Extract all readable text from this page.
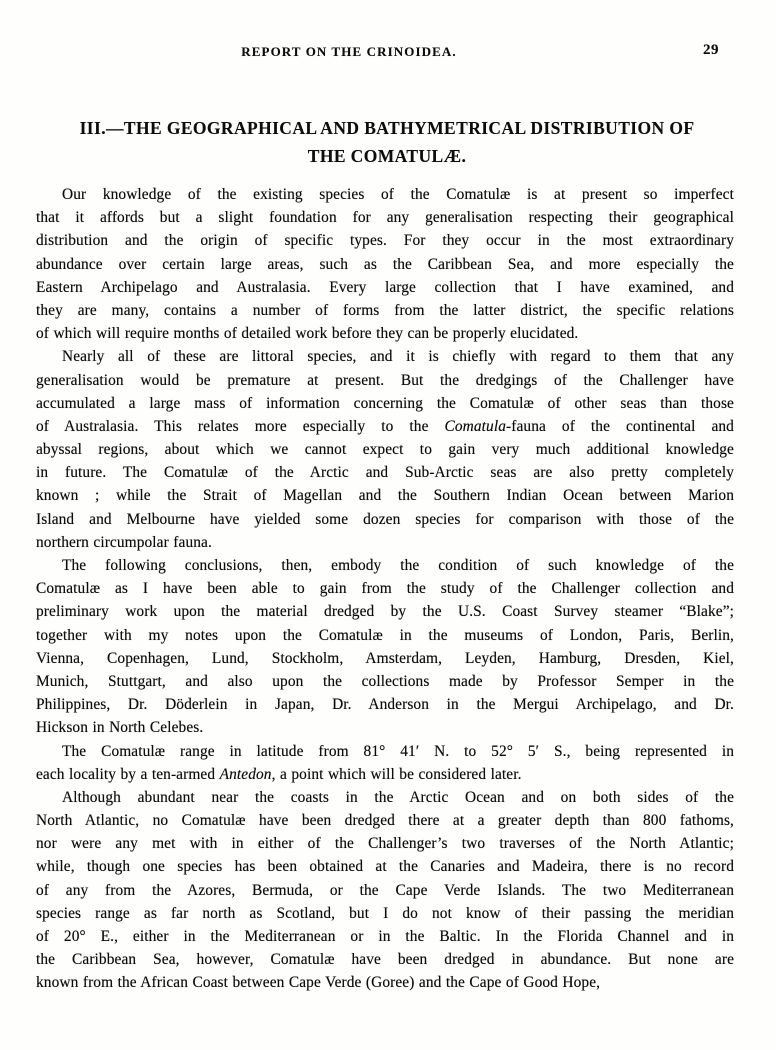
REPORT ON THE CRINOIDEA.	29
III.—THE GEOGRAPHICAL AND BATHYMETRICAL DISTRIBUTION OF
THE COMATULÆ.
Our knowledge of the existing species of the Comatulæ is at present so imperfect
that it affords but a slight foundation for any generalisation respecting their geographical
distribution and the origin of specific types. For they occur in the most extraordinary
abundance over certain large areas, such as the Caribbean Sea, and more especially the
Eastern Archipelago and Australasia. Every large collection that I have examined, and
they are many, contains a number of forms from the latter district, the specific relations
of which will require months of detailed work before they can be properly elucidated.
Nearly all of these are littoral species, and it is chiefly with regard to them that any
generalisation would be premature at present. But the dredgings of the Challenger have
accumulated a large mass of information concerning the Comatulæ of other seas than those
of Australasia. This relates more especially to the Comatula-fauna of the continental and
abyssal regions, about which we cannot expect to gain very much additional knowledge
in future. The Comatulæ of the Arctic and Sub-Arctic seas are also pretty completely
known ; while the Strait of Magellan and the Southern Indian Ocean between Marion
Island and Melbourne have yielded some dozen species for comparison with those of the
northern circumpolar fauna.
The following conclusions, then, embody the condition of such knowledge of the
Comatulæ as I have been able to gain from the study of the Challenger collection and
preliminary work upon the material dredged by the U.S. Coast Survey steamer “Blake”;
together with my notes upon the Comatulæ in the museums of London, Paris, Berlin,
Vienna, Copenhagen, Lund, Stockholm, Amsterdam, Leyden, Hamburg, Dresden, Kiel,
Munich, Stuttgart, and also upon the collections made by Professor Semper in the
Philippines, Dr. Döderlein in Japan, Dr. Anderson in the Mergui Archipelago, and Dr.
Hickson in North Celebes.
The Comatulæ range in latitude from 81° 41′ N. to 52° 5′ S., being represented in
each locality by a ten-armed Antedon, a point which will be considered later.
Although abundant near the coasts in the Arctic Ocean and on both sides of the
North Atlantic, no Comatulæ have been dredged there at a greater depth than 800 fathoms,
nor were any met with in either of the Challenger’s two traverses of the North Atlantic;
while, though one species has been obtained at the Canaries and Madeira, there is no record
of any from the Azores, Bermuda, or the Cape Verde Islands. The two Mediterranean
species range as far north as Scotland, but I do not know of their passing the meridian
of 20° E., either in the Mediterranean or in the Baltic. In the Florida Channel and in
the Caribbean Sea, however, Comatulæ have been dredged in abundance. But none are
known from the African Coast between Cape Verde (Goree) and the Cape of Good Hope,
